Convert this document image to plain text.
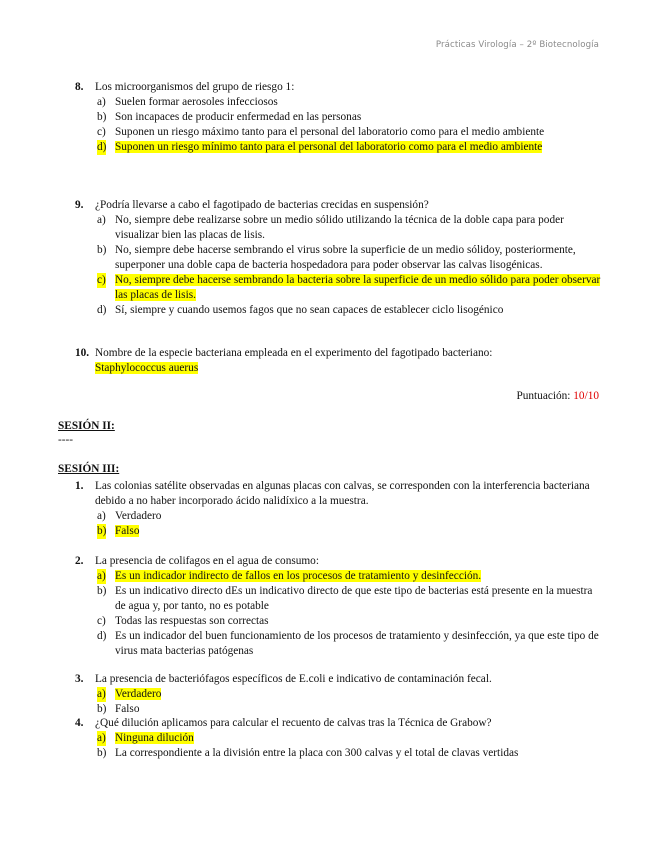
Prácticas Virología – 2º Biotecnología
8.	Los microorganismos del grupo de riesgo 1:
a) Suelen formar aerosoles infecciosos
b) Son incapaces de producir enfermedad en las personas
c) Suponen un riesgo máximo tanto para el personal del laboratorio como para el medio ambiente
d) Suponen un riesgo mínimo tanto para el personal del laboratorio como para el medio ambiente
9.	¿Podría llevarse a cabo el fagotipado de bacterias crecidas en suspensión?
a) No, siempre debe realizarse sobre un medio sólido utilizando la técnica de la doble capa para poder visualizar bien las placas de lisis.
b) No, siempre debe hacerse sembrando el virus sobre la superficie de un medio sólidoy, posteriormente, superponer una doble capa de bacteria hospedadora para poder observar las calvas lisogénicas.
c) No, siempre debe hacerse sembrando la bacteria sobre la superficie de un medio sólido para poder observar las placas de lisis.
d) Sí, siempre y cuando usemos fagos que no sean capaces de establecer ciclo lisogénico
10. Nombre de la especie bacteriana empleada en el experimento del fagotipado bacteriano:
Staphylococcus auerus
Puntuación: 10/10
SESIÓN II:
----
SESIÓN III:
1.	Las colonias satélite observadas en algunas placas con calvas, se corresponden con la interferencia bacteriana debido a no haber incorporado ácido nalidíxico a la muestra.
a) Verdadero
b) Falso
2.	La presencia de colifagos en el agua de consumo:
a) Es un indicador indirecto de fallos en los procesos de tratamiento y desinfección.
b) Es un indicativo directo dEs un indicativo directo de que este tipo de bacterias está presente en la muestra de agua y, por tanto, no es potable
c) Todas las respuestas son correctas
d) Es un indicador del buen funcionamiento de los procesos de tratamiento y desinfección, ya que este tipo de virus mata bacterias patógenas
3.	La presencia de bacteriófagos específicos de E.coli e indicativo de contaminación fecal.
a) Verdadero
b) Falso
4.	¿Qué dilución aplicamos para calcular el recuento de calvas tras la Técnica de Grabow?
a) Ninguna dilución
b) La correspondiente a la división entre la placa con 300 calvas y el total de clavas vertidas
